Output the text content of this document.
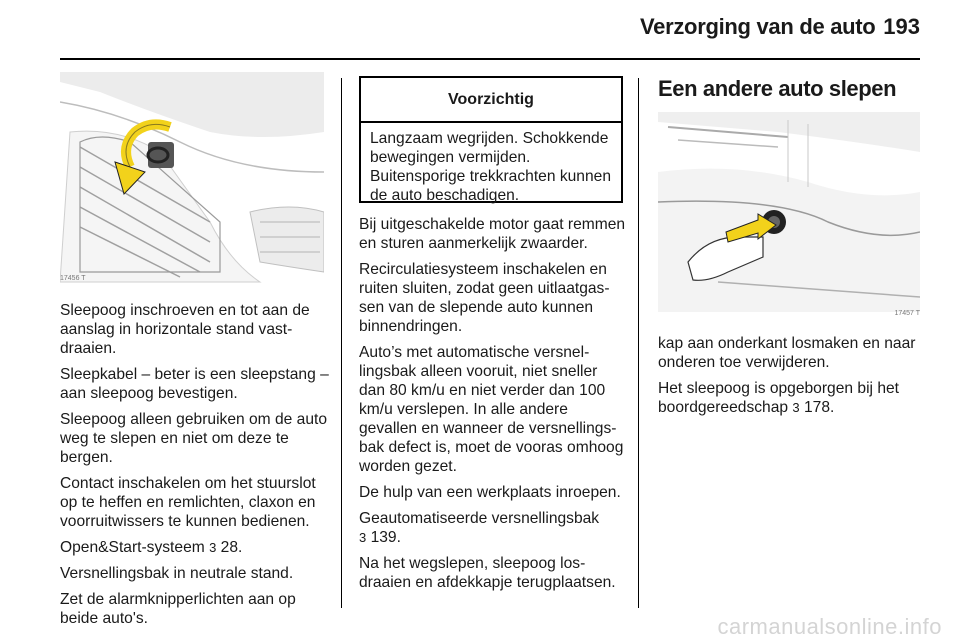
Verzorging van de auto 193
17456 T

Sleepoog inschroeven en tot aan de aanslag in horizontale stand vastdraaien.

Sleepkabel – beter is een sleepstang – aan sleepoog bevestigen.

Sleepoog alleen gebruiken om de auto weg te slepen en niet om deze te bergen.

Contact inschakelen om het stuurslot op te heffen en remlichten, claxon en voorruitwissers te kunnen bedienen.

Open&Start-systeem 3 28.

Versnellingsbak in neutrale stand.

Zet de alarmknipperlichten aan op beide auto's.

Voorzichtig
Langzaam wegrijden. Schokkende bewegingen vermijden. Buitensporige trekkrachten kunnen de auto beschadigen.

Bij uitgeschakelde motor gaat remmen en sturen aanmerkelijk zwaarder.

Recirculatiesysteem inschakelen en ruiten sluiten, zodat geen uitlaatgassen van de slepende auto kunnen binnendringen.

Auto’s met automatische versnellingsbak alleen vooruit, niet sneller dan 80 km/u en niet verder dan 100 km/u verslepen. In alle andere gevallen en wanneer de versnellingsbak defect is, moet de vooras omhoog worden gezet.

De hulp van een werkplaats inroepen.

Geautomatiseerde versnellingsbak
3 139.

Na het wegslepen, sleepoog losdraaien en afdekkapje terugplaatsen.

Een andere auto slepen
17457 T

kap aan onderkant losmaken en naar onderen toe verwijderen.

Het sleepoog is opgeborgen bij het boordgereedschap 3 178.

carmanualsonline.info
